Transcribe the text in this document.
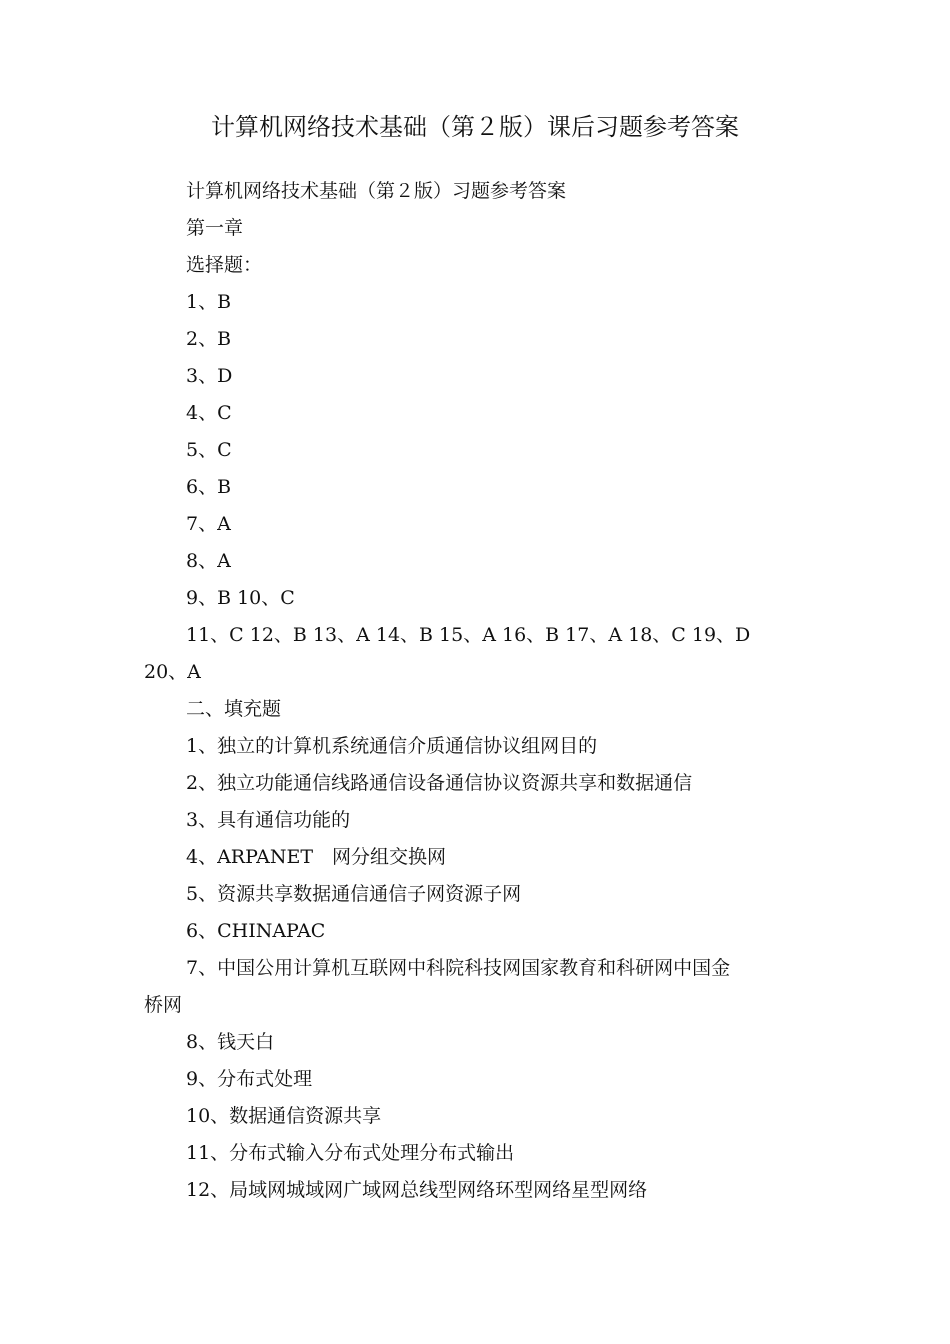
计算机网络技术基础（第２版）课后习题参考答案
计算机网络技术基础（第２版）习题参考答案
第一章
选择题：
1、B
2、B
3、D
4、C
5、C
6、B
7、A
8、A
9、B 10、C
11、C 12、B 13、A 14、B 15、A 16、B 17、A 18、C 19、D
20、A
二、填充题
1、独立的计算机系统通信介质通信协议组网目的
2、独立功能通信线路通信设备通信协议资源共享和数据通信
3、具有通信功能的
4、ARPANET　网分组交换网
5、资源共享数据通信通信子网资源子网
6、CHINAPAC
7、中国公用计算机互联网中科院科技网国家教育和科研网中国金
桥网
8、钱天白
9、分布式处理
10、数据通信资源共享
11、分布式输入分布式处理分布式输出
12、局域网城域网广域网总线型网络环型网络星型网络
